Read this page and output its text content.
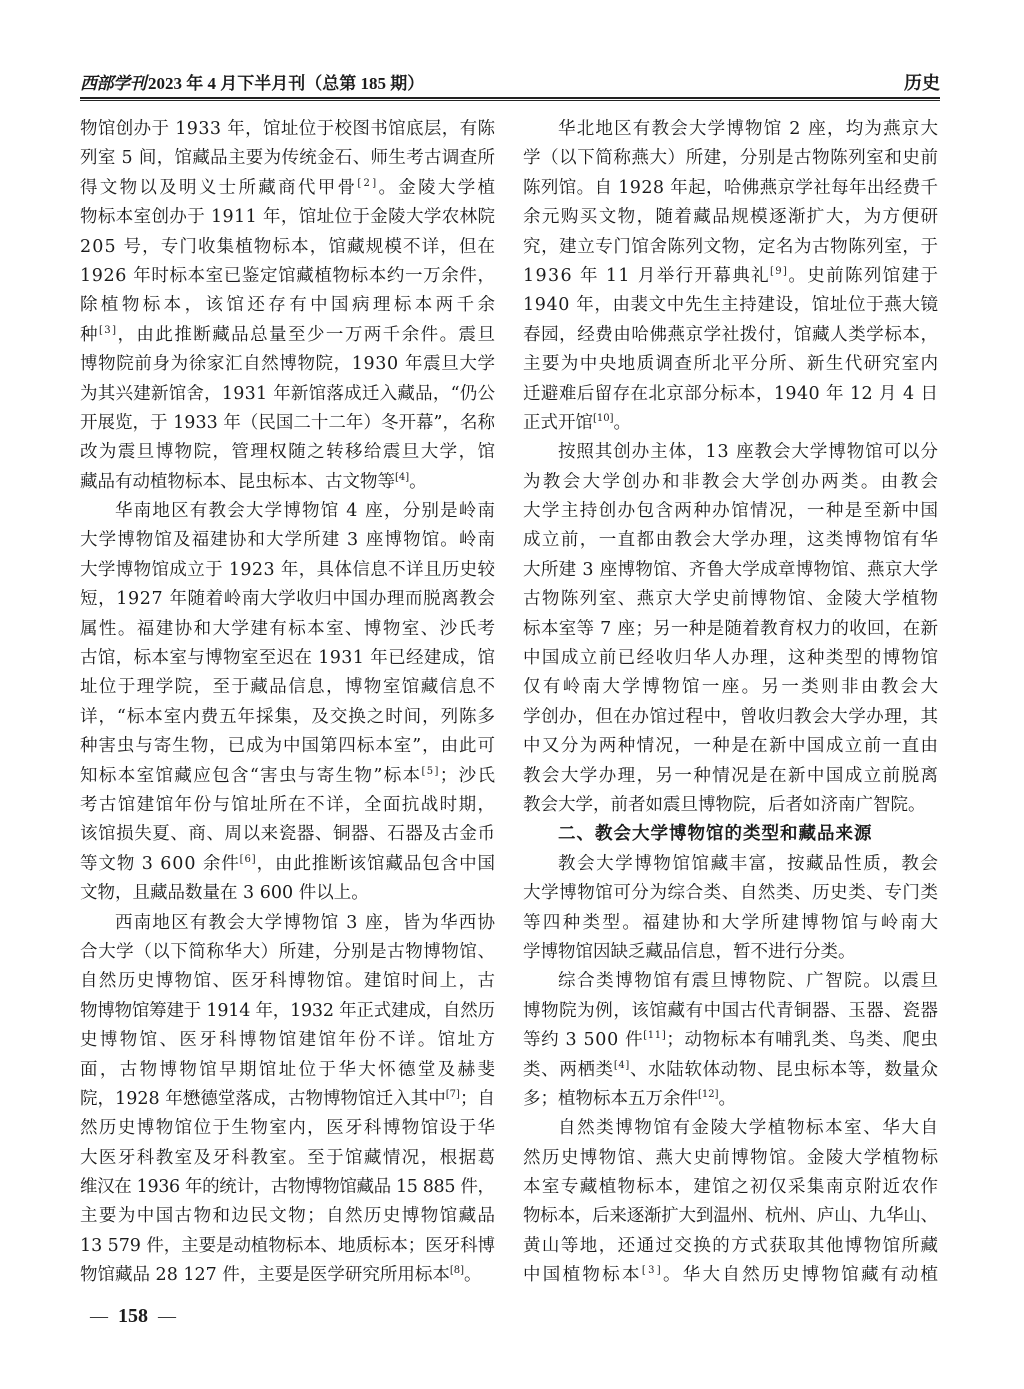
西部学刊 2023 年 4 月下半月刊（总第 185 期）	历史
物馆创办于 1933 年，馆址位于校图书馆底层，有陈
列室 5 间，馆藏品主要为传统金石、师生考古调查所
得文物以及明义士所藏商代甲骨[2]。金陵大学植
物标本室创办于 1911 年，馆址位于金陵大学农林院
205 号，专门收集植物标本，馆藏规模不详，但在
1926 年时标本室已鉴定馆藏植物标本约一万余件，
除植物标本，该馆还存有中国病理标本两千余
种[3]，由此推断藏品总量至少一万两千余件。震旦
博物院前身为徐家汇自然博物院，1930 年震旦大学
为其兴建新馆舍，1931 年新馆落成迁入藏品，“仍公
开展览，于 1933 年（民国二十二年）冬开幕”，名称
改为震旦博物院，管理权随之转移给震旦大学，馆
藏品有动植物标本、昆虫标本、古文物等[4]。
华南地区有教会大学博物馆 4 座，分别是岭南
大学博物馆及福建协和大学所建 3 座博物馆。岭南
大学博物馆成立于 1923 年，具体信息不详且历史较
短，1927 年随着岭南大学收归中国办理而脱离教会
属性。福建协和大学建有标本室、博物室、沙氏考
古馆，标本室与博物室至迟在 1931 年已经建成，馆
址位于理学院，至于藏品信息，博物室馆藏信息不
详，“标本室内费五年採集，及交换之时间，列陈多
种害虫与寄生物，已成为中国第四标本室”，由此可
知标本室馆藏应包含“害虫与寄生物”标本[5]；沙氏
考古馆建馆年份与馆址所在不详，全面抗战时期，
该馆损失夏、商、周以来瓷器、铜器、石器及古金币
等文物 3 600 余件[6]，由此推断该馆藏品包含中国
文物，且藏品数量在 3 600 件以上。
西南地区有教会大学博物馆 3 座，皆为华西协
合大学（以下简称华大）所建，分别是古物博物馆、
自然历史博物馆、医牙科博物馆。建馆时间上，古
物博物馆筹建于 1914 年，1932 年正式建成，自然历
史博物馆、医牙科博物馆建馆年份不详。馆址方
面，古物博物馆早期馆址位于华大怀德堂及赫斐
院，1928 年懋德堂落成，古物博物馆迁入其中[7]；自
然历史博物馆位于生物室内，医牙科博物馆设于华
大医牙科教室及牙科教室。至于馆藏情况，根据葛
维汉在 1936 年的统计，古物博物馆藏品 15 885 件，
主要为中国古物和边民文物；自然历史博物馆藏品
13 579 件，主要是动植物标本、地质标本；医牙科博
物馆藏品 28 127 件，主要是医学研究所用标本[8]。
华北地区有教会大学博物馆 2 座，均为燕京大
学（以下简称燕大）所建，分别是古物陈列室和史前
陈列馆。自 1928 年起，哈佛燕京学社每年出经费千
余元购买文物，随着藏品规模逐渐扩大，为方便研
究，建立专门馆舍陈列文物，定名为古物陈列室，于
1936 年 11 月举行开幕典礼[9]。史前陈列馆建于
1940 年，由裴文中先生主持建设，馆址位于燕大镜
春园，经费由哈佛燕京学社拨付，馆藏人类学标本，
主要为中央地质调查所北平分所、新生代研究室内
迁避难后留存在北京部分标本，1940 年 12 月 4 日
正式开馆[10]。
按照其创办主体，13 座教会大学博物馆可以分
为教会大学创办和非教会大学创办两类。由教会
大学主持创办包含两种办馆情况，一种是至新中国
成立前，一直都由教会大学办理，这类博物馆有华
大所建 3 座博物馆、齐鲁大学成章博物馆、燕京大学
古物陈列室、燕京大学史前博物馆、金陵大学植物
标本室等 7 座；另一种是随着教育权力的收回，在新
中国成立前已经收归华人办理，这种类型的博物馆
仅有岭南大学博物馆一座。另一类则非由教会大
学创办，但在办馆过程中，曾收归教会大学办理，其
中又分为两种情况，一种是在新中国成立前一直由
教会大学办理，另一种情况是在新中国成立前脱离
教会大学，前者如震旦博物院，后者如济南广智院。
二、教会大学博物馆的类型和藏品来源
教会大学博物馆馆藏丰富，按藏品性质，教会
大学博物馆可分为综合类、自然类、历史类、专门类
等四种类型。福建协和大学所建博物馆与岭南大
学博物馆因缺乏藏品信息，暂不进行分类。
综合类博物馆有震旦博物院、广智院。以震旦
博物院为例，该馆藏有中国古代青铜器、玉器、瓷器
等约 3 500 件[11]；动物标本有哺乳类、鸟类、爬虫
类、两栖类[4]、水陆软体动物、昆虫标本等，数量众
多；植物标本五万余件[12]。
自然类博物馆有金陵大学植物标本室、华大自
然历史博物馆、燕大史前博物馆。金陵大学植物标
本室专藏植物标本，建馆之初仅采集南京附近农作
物标本，后来逐渐扩大到温州、杭州、庐山、九华山、
黄山等地，还通过交换的方式获取其他博物馆所藏
中国植物标本[3]。华大自然历史博物馆藏有动植
— 158 —
